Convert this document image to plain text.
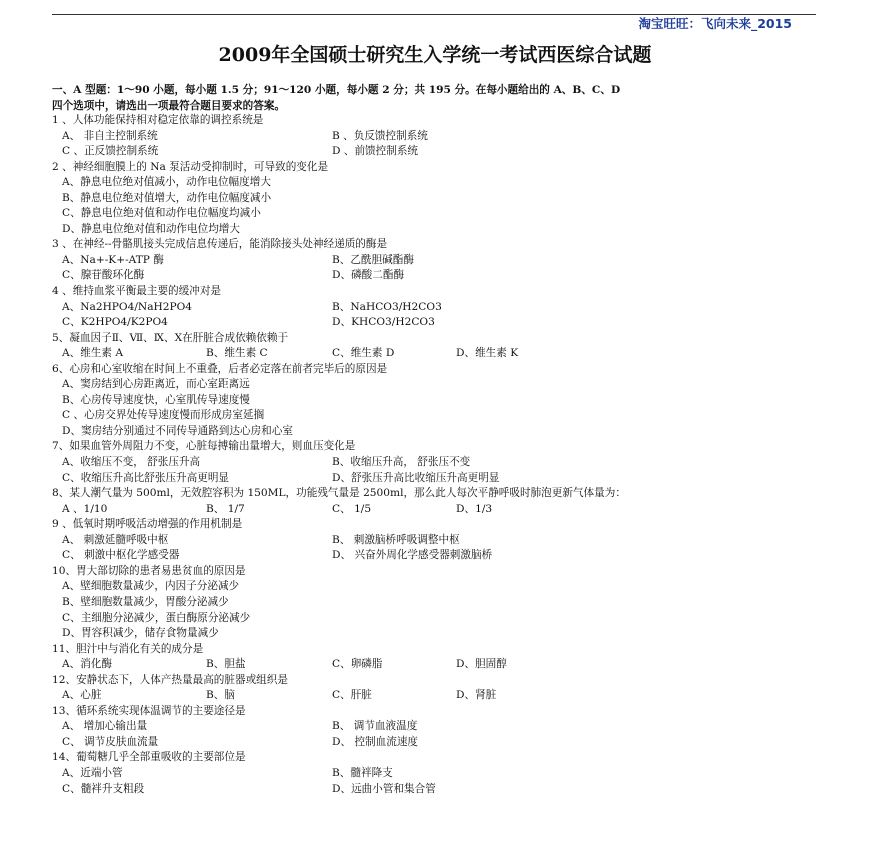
淘宝旺旺：飞向未来_2015
2009年全国硕士研究生入学统一考试西医综合试题
一、A 型题：1～90 小题，每小题 1.5 分；91～120 小题，每小题 2 分；共 195 分。在每小题给出的 A、B、C、D
四个选项中，请选出一项最符合题目要求的答案。
1 、人体功能保持相对稳定依靠的调控系统是
A、 非自主控制系统	B 、负反馈控制系统
C 、正反馈控制系统	D 、前馈控制系统
2 、神经细胞膜上的 Na 泵活动受抑制时，可导致的变化是
A、静息电位绝对值减小，动作电位幅度增大
B、静息电位绝对值增大，动作电位幅度减小
C、静息电位绝对值和动作电位幅度均减小
D、静息电位绝对值和动作电位均增大
3 、在神经--骨骼肌接头完成信息传递后，能消除接头处神经递质的酶是
A、Na+-K+-ATP 酶	B、乙酰胆碱酯酶
C、腺苷酸环化酶	D、磷酸二酯酶
4 、维持血浆平衡最主要的缓冲对是
A、Na2HPO4/NaH2PO4	B、NaHCO3/H2CO3
C、K2HPO4/K2PO4	D、KHCO3/H2CO3
5、凝血因子Ⅱ、Ⅶ、Ⅸ、Ⅹ在肝脏合成依赖依赖于
A、维生素 A	B、维生素 C	C、维生素 D	D、维生素 K
6、心房和心室收缩在时间上不重叠，后者必定落在前者完毕后的原因是
A、窦房结到心房距离近，而心室距离远
B、心房传导速度快，心室肌传导速度慢
C 、心房交界处传导速度慢而形成房室延搁
D、窦房结分别通过不同传导通路到达心房和心室
7、如果血管外周阻力不变，心脏每搏输出量增大，则血压变化是
A、收缩压不变， 舒张压升高	B、收缩压升高， 舒张压不变
C、收缩压升高比舒张压升高更明显	D、舒张压升高比收缩压升高更明显
8、某人潮气量为 500ml，无效腔容积为 150ML，功能残气量是 2500ml，那么此人每次平静呼吸时肺泡更新气体量为：
A 、1/10	B、 1/7	C、 1/5	D、1/3
9 、低氧时期呼吸活动增强的作用机制是
A、 刺激延髓呼吸中枢	B、 刺激脑桥呼吸调整中枢
C、 刺激中枢化学感受器	D、 兴奋外周化学感受器刺激脑桥
10、胃大部切除的患者易患贫血的原因是
A、壁细胞数量减少，内因子分泌减少
B、壁细胞数量减少，胃酸分泌减少
C、主细胞分泌减少，蛋白酶原分泌减少
D、胃容积减少，储存食物量减少
11、胆汁中与消化有关的成分是
A、消化酶	B、胆盐	C、卵磷脂	D、胆固醇
12、安静状态下，人体产热量最高的脏器或组织是
A、心脏	B、脑	C、肝脏	D、肾脏
13、循环系统实现体温调节的主要途径是
A、 增加心输出量	B、 调节血液温度
C、 调节皮肤血流量	D、 控制血流速度
14、葡萄糖几乎全部重吸收的主要部位是
A、近端小管	B、髓袢降支
C、髓袢升支粗段	D、远曲小管和集合管
